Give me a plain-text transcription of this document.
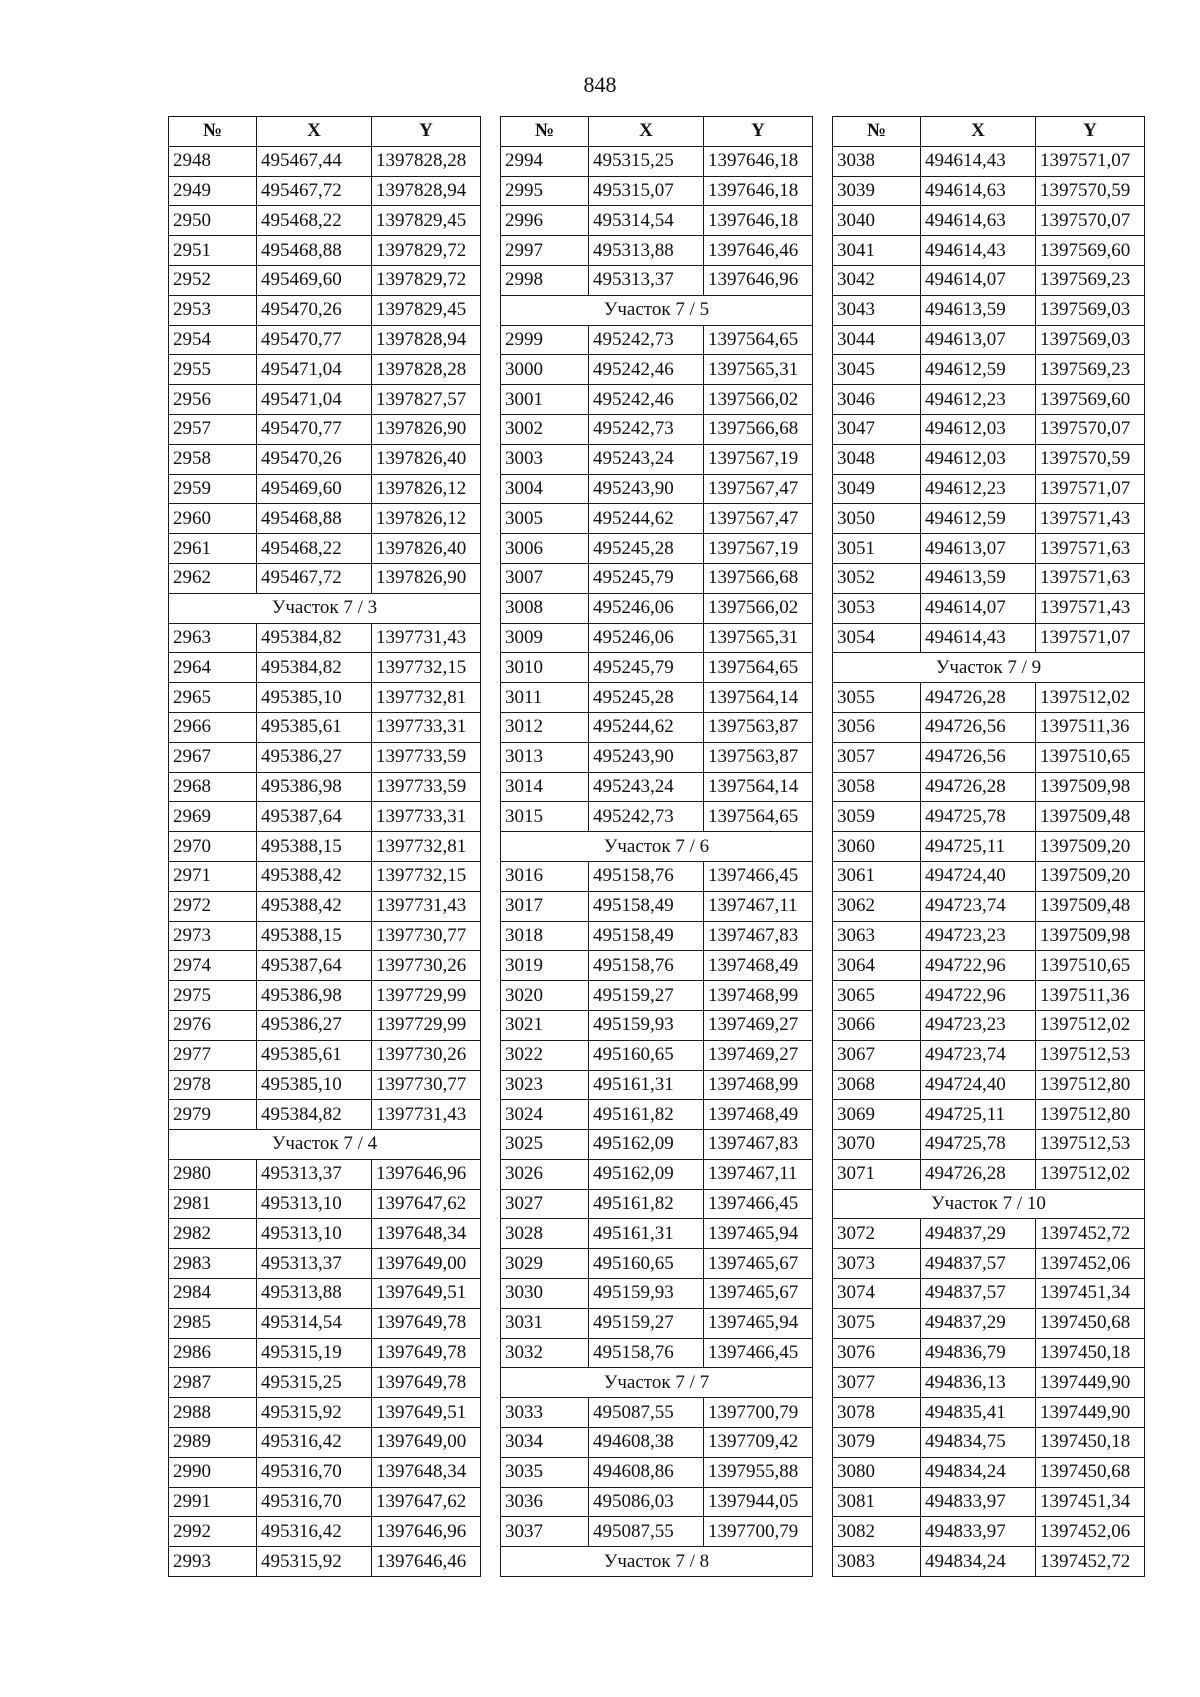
848
№	X	Y
2948	495467,44	1397828,28
2949	495467,72	1397828,94
2950	495468,22	1397829,45
2951	495468,88	1397829,72
2952	495469,60	1397829,72
2953	495470,26	1397829,45
2954	495470,77	1397828,94
2955	495471,04	1397828,28
2956	495471,04	1397827,57
2957	495470,77	1397826,90
2958	495470,26	1397826,40
2959	495469,60	1397826,12
2960	495468,88	1397826,12
2961	495468,22	1397826,40
2962	495467,72	1397826,90
Участок 7 / 3		
2963	495384,82	1397731,43
2964	495384,82	1397732,15
2965	495385,10	1397732,81
2966	495385,61	1397733,31
2967	495386,27	1397733,59
2968	495386,98	1397733,59
2969	495387,64	1397733,31
2970	495388,15	1397732,81
2971	495388,42	1397732,15
2972	495388,42	1397731,43
2973	495388,15	1397730,77
2974	495387,64	1397730,26
2975	495386,98	1397729,99
2976	495386,27	1397729,99
2977	495385,61	1397730,26
2978	495385,10	1397730,77
2979	495384,82	1397731,43
Участок 7 / 4		
2980	495313,37	1397646,96
2981	495313,10	1397647,62
2982	495313,10	1397648,34
2983	495313,37	1397649,00
2984	495313,88	1397649,51
2985	495314,54	1397649,78
2986	495315,19	1397649,78
2987	495315,25	1397649,78
2988	495315,92	1397649,51
2989	495316,42	1397649,00
2990	495316,70	1397648,34
2991	495316,70	1397647,62
2992	495316,42	1397646,96
2993	495315,92	1397646,46
№	X	Y
2994	495315,25	1397646,18
2995	495315,07	1397646,18
2996	495314,54	1397646,18
2997	495313,88	1397646,46
2998	495313,37	1397646,96
Участок 7 / 5		
2999	495242,73	1397564,65
3000	495242,46	1397565,31
3001	495242,46	1397566,02
3002	495242,73	1397566,68
3003	495243,24	1397567,19
3004	495243,90	1397567,47
3005	495244,62	1397567,47
3006	495245,28	1397567,19
3007	495245,79	1397566,68
3008	495246,06	1397566,02
3009	495246,06	1397565,31
3010	495245,79	1397564,65
3011	495245,28	1397564,14
3012	495244,62	1397563,87
3013	495243,90	1397563,87
3014	495243,24	1397564,14
3015	495242,73	1397564,65
Участок 7 / 6		
3016	495158,76	1397466,45
3017	495158,49	1397467,11
3018	495158,49	1397467,83
3019	495158,76	1397468,49
3020	495159,27	1397468,99
3021	495159,93	1397469,27
3022	495160,65	1397469,27
3023	495161,31	1397468,99
3024	495161,82	1397468,49
3025	495162,09	1397467,83
3026	495162,09	1397467,11
3027	495161,82	1397466,45
3028	495161,31	1397465,94
3029	495160,65	1397465,67
3030	495159,93	1397465,67
3031	495159,27	1397465,94
3032	495158,76	1397466,45
Участок 7 / 7		
3033	495087,55	1397700,79
3034	494608,38	1397709,42
3035	494608,86	1397955,88
3036	495086,03	1397944,05
3037	495087,55	1397700,79
Участок 7 / 8		
№	X	Y
3038	494614,43	1397571,07
3039	494614,63	1397570,59
3040	494614,63	1397570,07
3041	494614,43	1397569,60
3042	494614,07	1397569,23
3043	494613,59	1397569,03
3044	494613,07	1397569,03
3045	494612,59	1397569,23
3046	494612,23	1397569,60
3047	494612,03	1397570,07
3048	494612,03	1397570,59
3049	494612,23	1397571,07
3050	494612,59	1397571,43
3051	494613,07	1397571,63
3052	494613,59	1397571,63
3053	494614,07	1397571,43
3054	494614,43	1397571,07
Участок 7 / 9		
3055	494726,28	1397512,02
3056	494726,56	1397511,36
3057	494726,56	1397510,65
3058	494726,28	1397509,98
3059	494725,78	1397509,48
3060	494725,11	1397509,20
3061	494724,40	1397509,20
3062	494723,74	1397509,48
3063	494723,23	1397509,98
3064	494722,96	1397510,65
3065	494722,96	1397511,36
3066	494723,23	1397512,02
3067	494723,74	1397512,53
3068	494724,40	1397512,80
3069	494725,11	1397512,80
3070	494725,78	1397512,53
3071	494726,28	1397512,02
Участок 7 / 10		
3072	494837,29	1397452,72
3073	494837,57	1397452,06
3074	494837,57	1397451,34
3075	494837,29	1397450,68
3076	494836,79	1397450,18
3077	494836,13	1397449,90
3078	494835,41	1397449,90
3079	494834,75	1397450,18
3080	494834,24	1397450,68
3081	494833,97	1397451,34
3082	494833,97	1397452,06
3083	494834,24	1397452,72
